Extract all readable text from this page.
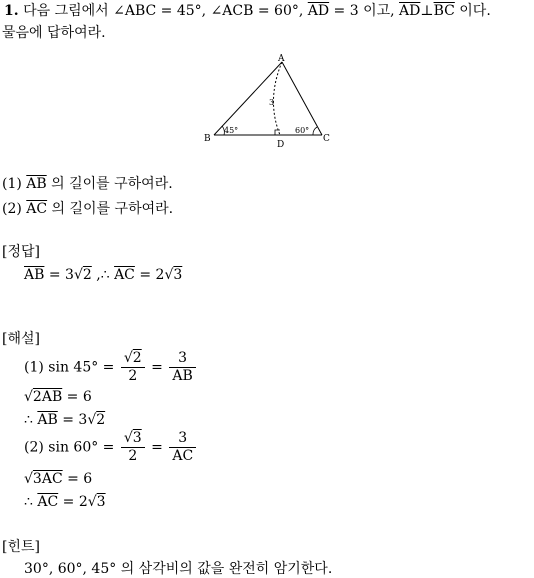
1. 다음 그림에서 ∠ABC = 45°, ∠ACB = 60°, $\overline{AD} = 3$ 이고, $\overline{AD}\perp\overline{BC}$ 이다.
물음에 답하여라.
A
B	C
D
45°	60°
3
(1) $\overline{AB}$ 의 길이를 구하여라.
(2) $\overline{AC}$ 의 길이를 구하여라.
[정답]
$\overline{AB} = 3√2$ ,∴ $\overline{AC} = 2√3$
[해설]
(1) $\sin 45^\circ = \frac{√2}{2} = \frac{3}{AB}$
√2AB = 6
∴ $\overline{AB} = 3√2$
(2) $\sin 60^\circ = \frac{√3}{2} = \frac{3}{AC}$
√3AC = 6
∴ $\overline{AC} = 2√3$
[힌트]
30°, 60°, 45° 의 삼각비의 값을 완전히 암기한다.
